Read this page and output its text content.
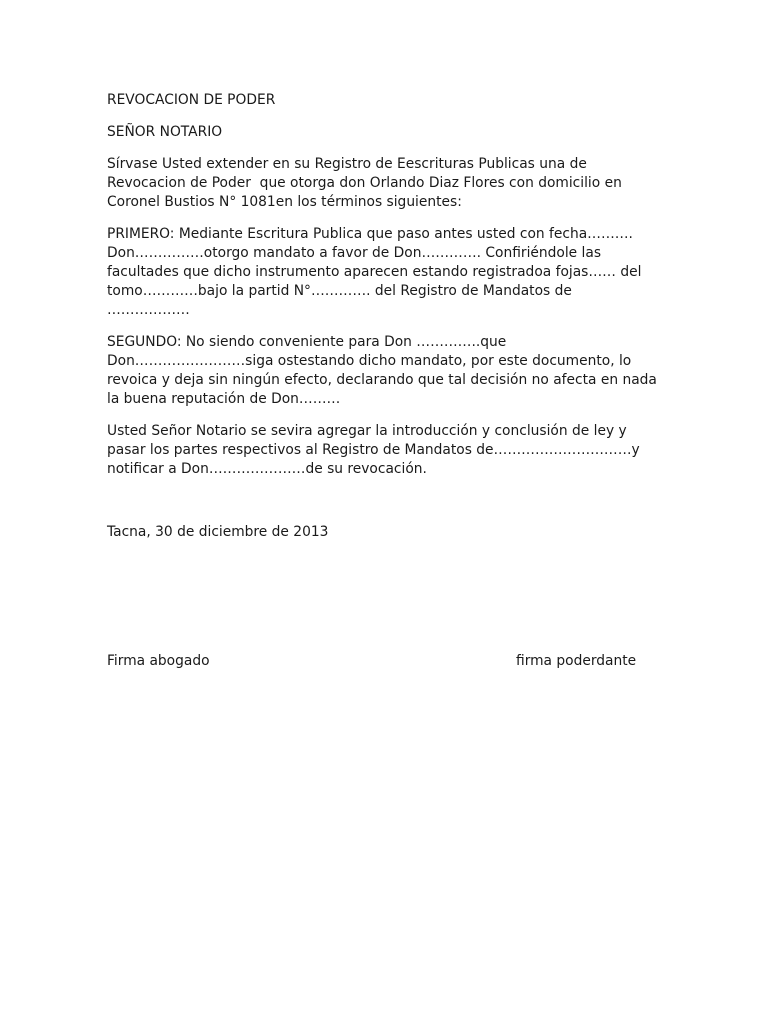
REVOCACION DE PODER

SEÑOR NOTARIO

Sírvase Usted extender en su Registro de Eescrituras Publicas una de

Revocacion de Poder  que otorga don Orlando Diaz Flores con domicilio en

Coronel Bustios N° 1081en los términos siguientes:

PRIMERO: Mediante Escritura Publica que paso antes usted con fecha……….

Don……………otorgo mandato a favor de Don…………. Confiriéndole las

facultades que dicho instrumento aparecen estando registradoa fojas…… del

tomo…………bajo la partid N°…………. del Registro de Mandatos de

………………

SEGUNDO: No siendo conveniente para Don …………..que

Don……………………siga ostestando dicho mandato, por este documento, lo

revoica y deja sin ningún efecto, declarando que tal decisión no afecta en nada

la buena reputación de Don………

Usted Señor Notario se sevira agregar la introducción y conclusión de ley y

pasar los partes respectivos al Registro de Mandatos de…………………………y

notificar a Don…………………de su revocación.

Tacna, 30 de diciembre de 2013

Firma abogado	firma poderdante
